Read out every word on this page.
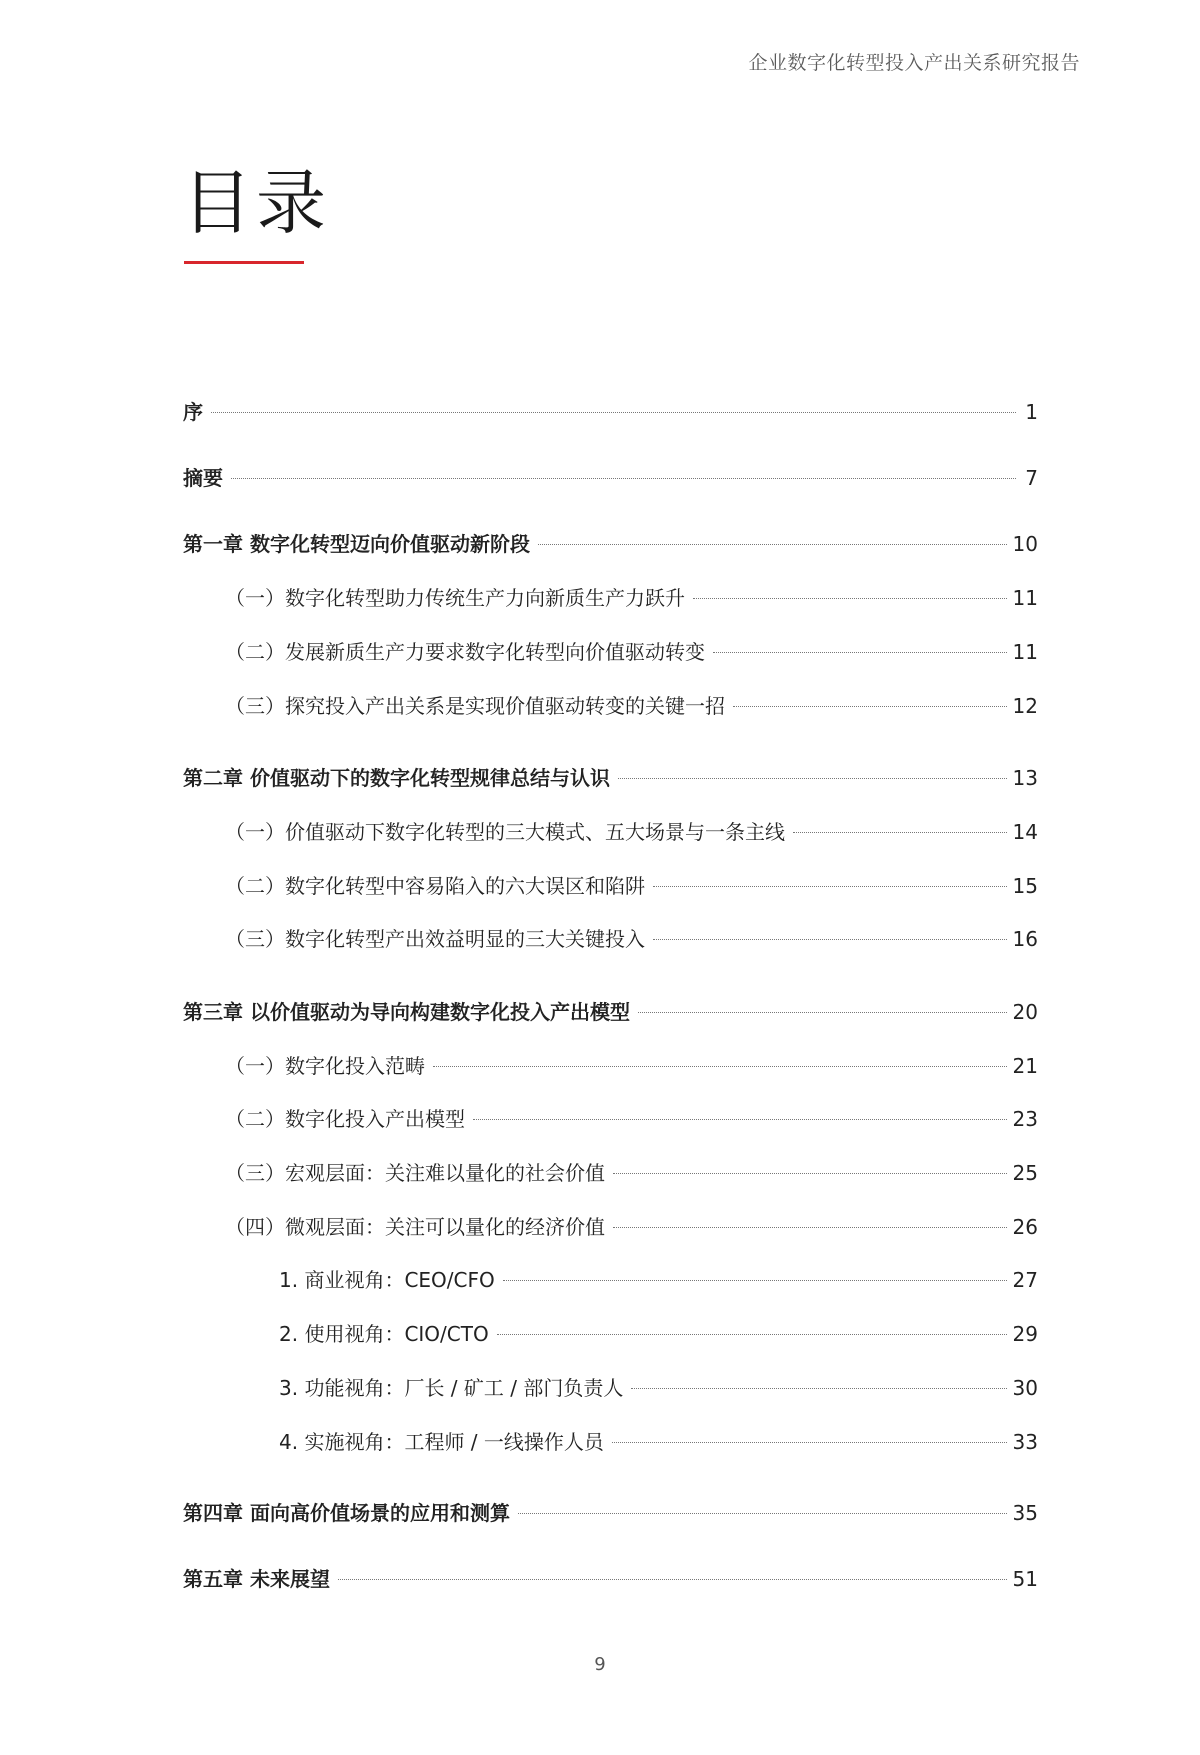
企业数字化转型投入产出关系研究报告
目录
序	1
摘要	7
第一章 数字化转型迈向价值驱动新阶段	10
（一）数字化转型助力传统生产力向新质生产力跃升	11
（二）发展新质生产力要求数字化转型向价值驱动转变	11
（三）探究投入产出关系是实现价值驱动转变的关键一招	12
第二章 价值驱动下的数字化转型规律总结与认识	13
（一）价值驱动下数字化转型的三大模式、五大场景与一条主线	14
（二）数字化转型中容易陷入的六大误区和陷阱	15
（三）数字化转型产出效益明显的三大关键投入	16
第三章 以价值驱动为导向构建数字化投入产出模型	20
（一）数字化投入范畴	21
（二）数字化投入产出模型	23
（三）宏观层面：关注难以量化的社会价值	25
（四）微观层面：关注可以量化的经济价值	26
1. 商业视角：CEO/CFO	27
2. 使用视角：CIO/CTO	29
3. 功能视角：厂长 / 矿工 / 部门负责人	30
4. 实施视角：工程师 / 一线操作人员	33
第四章 面向高价值场景的应用和测算	35
第五章 未来展望	51
9
